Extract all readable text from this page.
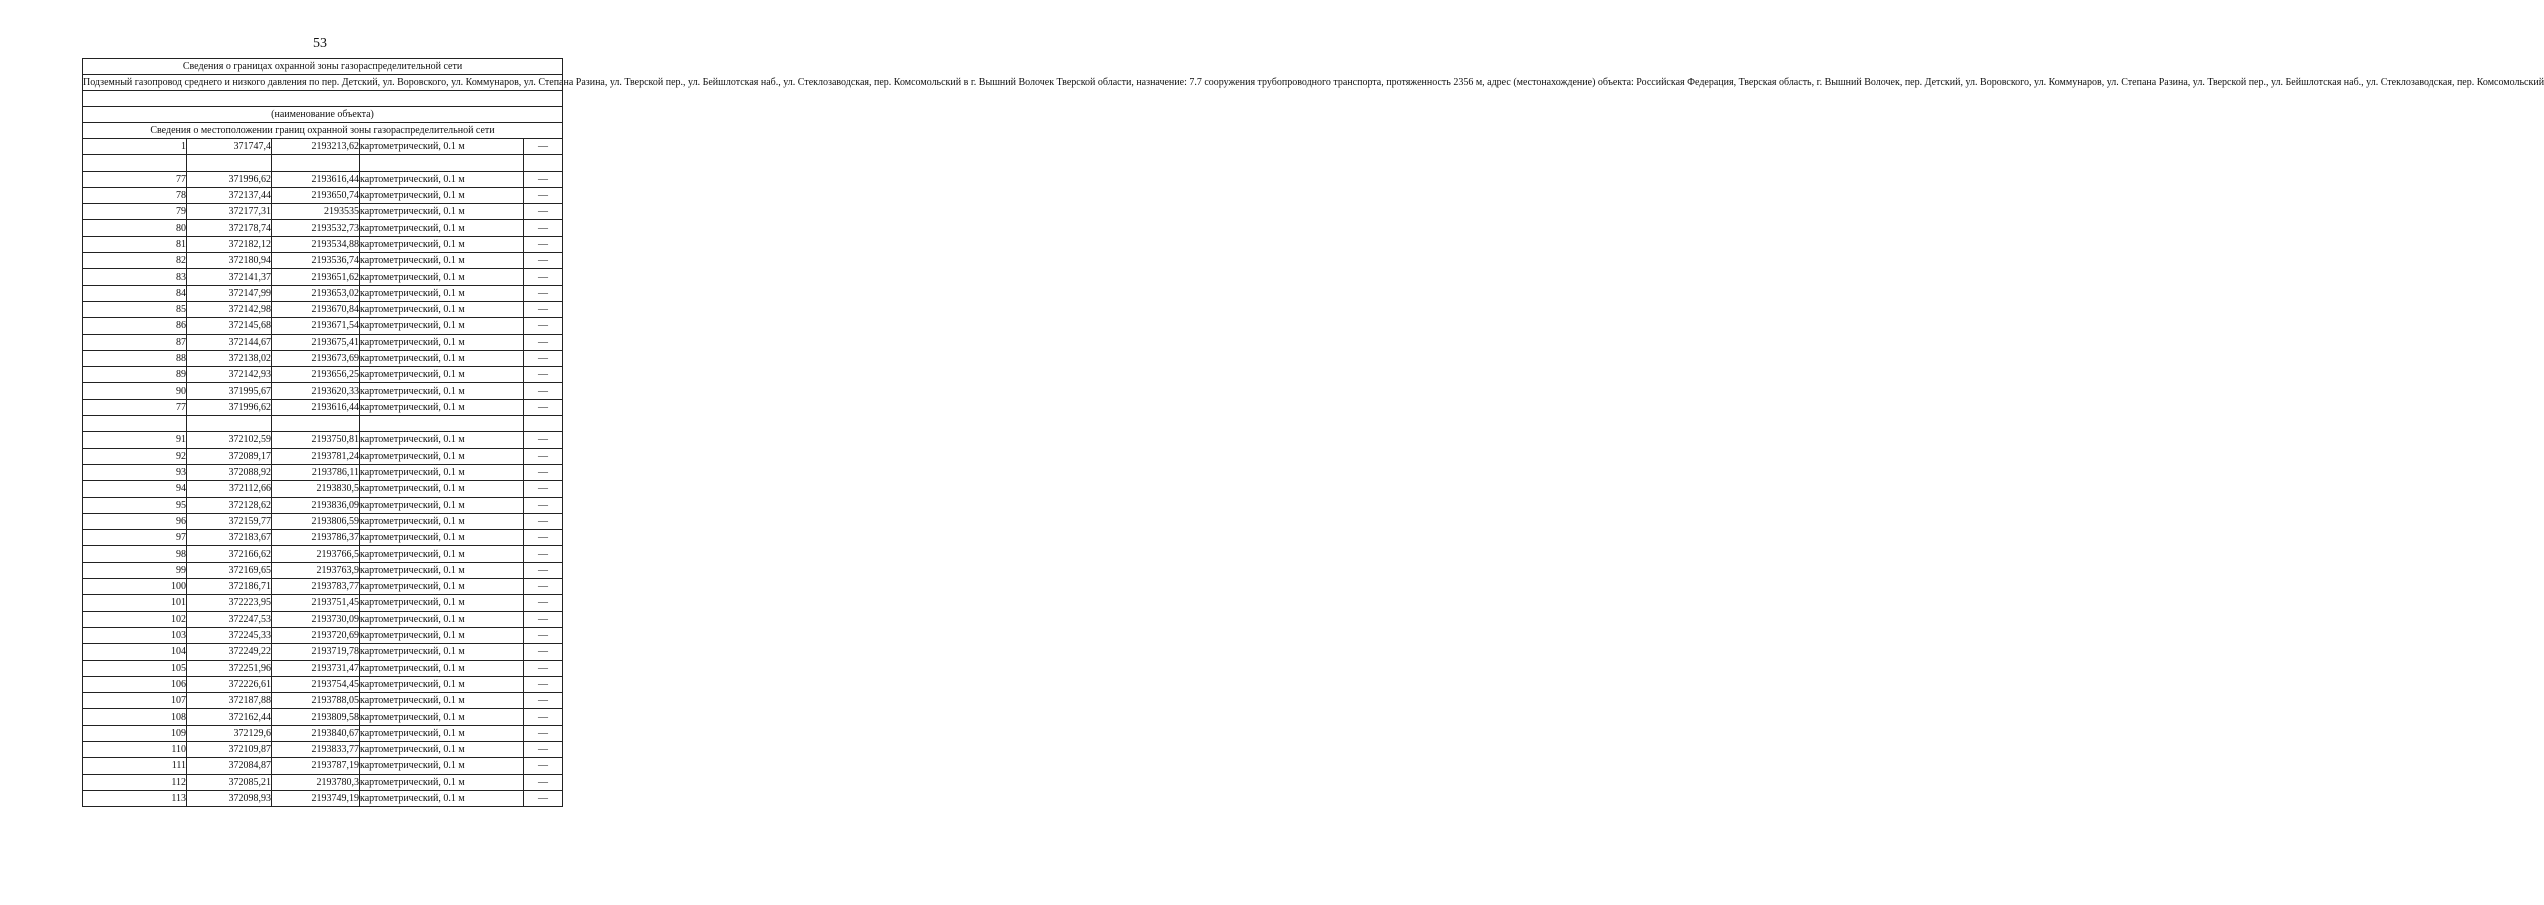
53
Сведения о границах охранной зоны газораспределительной сети				
Подземный газопровод среднего и низкого давления по пер. Детский, ул. Воровского, ул. Коммунаров, ул. Степана Разина, ул. Тверской пер., ул. Бейшлотская наб., ул. Стеклозаводская, пер. Комсомольский в г. Вышний Волочек Тверской области, назначение: 7.7 сооружения трубопроводного транспорта, протяженность 2356 м, адрес (местонахождение) объекта: Российская Федерация, Тверская область, г. Вышний Волочек, пер. Детский, ул. Воровского, ул. Коммунаров, ул. Степана Разина, ул. Тверской пер., ул. Бейшлотская наб., ул. Стеклозаводская, пер. Комсомольский				

(наименование объекта)				
Сведения о местоположении границ охранной зоны газораспределительной сети				
1	371747,4	2193213,62	картометрический, 0.1 м	—

77	371996,62	2193616,44	картометрический, 0.1 м	—
78	372137,44	2193650,74	картометрический, 0.1 м	—
79	372177,31	2193535	картометрический, 0.1 м	—
80	372178,74	2193532,73	картометрический, 0.1 м	—
81	372182,12	2193534,88	картометрический, 0.1 м	—
82	372180,94	2193536,74	картометрический, 0.1 м	—
83	372141,37	2193651,62	картометрический, 0.1 м	—
84	372147,99	2193653,02	картометрический, 0.1 м	—
85	372142,98	2193670,84	картометрический, 0.1 м	—
86	372145,68	2193671,54	картометрический, 0.1 м	—
87	372144,67	2193675,41	картометрический, 0.1 м	—
88	372138,02	2193673,69	картометрический, 0.1 м	—
89	372142,93	2193656,25	картометрический, 0.1 м	—
90	371995,67	2193620,33	картометрический, 0.1 м	—
77	371996,62	2193616,44	картометрический, 0.1 м	—

91	372102,59	2193750,81	картометрический, 0.1 м	—
92	372089,17	2193781,24	картометрический, 0.1 м	—
93	372088,92	2193786,11	картометрический, 0.1 м	—
94	372112,66	2193830,5	картометрический, 0.1 м	—
95	372128,62	2193836,09	картометрический, 0.1 м	—
96	372159,77	2193806,59	картометрический, 0.1 м	—
97	372183,67	2193786,37	картометрический, 0.1 м	—
98	372166,62	2193766,5	картометрический, 0.1 м	—
99	372169,65	2193763,9	картометрический, 0.1 м	—
100	372186,71	2193783,77	картометрический, 0.1 м	—
101	372223,95	2193751,45	картометрический, 0.1 м	—
102	372247,53	2193730,09	картометрический, 0.1 м	—
103	372245,33	2193720,69	картометрический, 0.1 м	—
104	372249,22	2193719,78	картометрический, 0.1 м	—
105	372251,96	2193731,47	картометрический, 0.1 м	—
106	372226,61	2193754,45	картометрический, 0.1 м	—
107	372187,88	2193788,05	картометрический, 0.1 м	—
108	372162,44	2193809,58	картометрический, 0.1 м	—
109	372129,6	2193840,67	картометрический, 0.1 м	—
110	372109,87	2193833,77	картометрический, 0.1 м	—
111	372084,87	2193787,19	картометрический, 0.1 м	—
112	372085,21	2193780,3	картометрический, 0.1 м	—
113	372098,93	2193749,19	картометрический, 0.1 м	—
